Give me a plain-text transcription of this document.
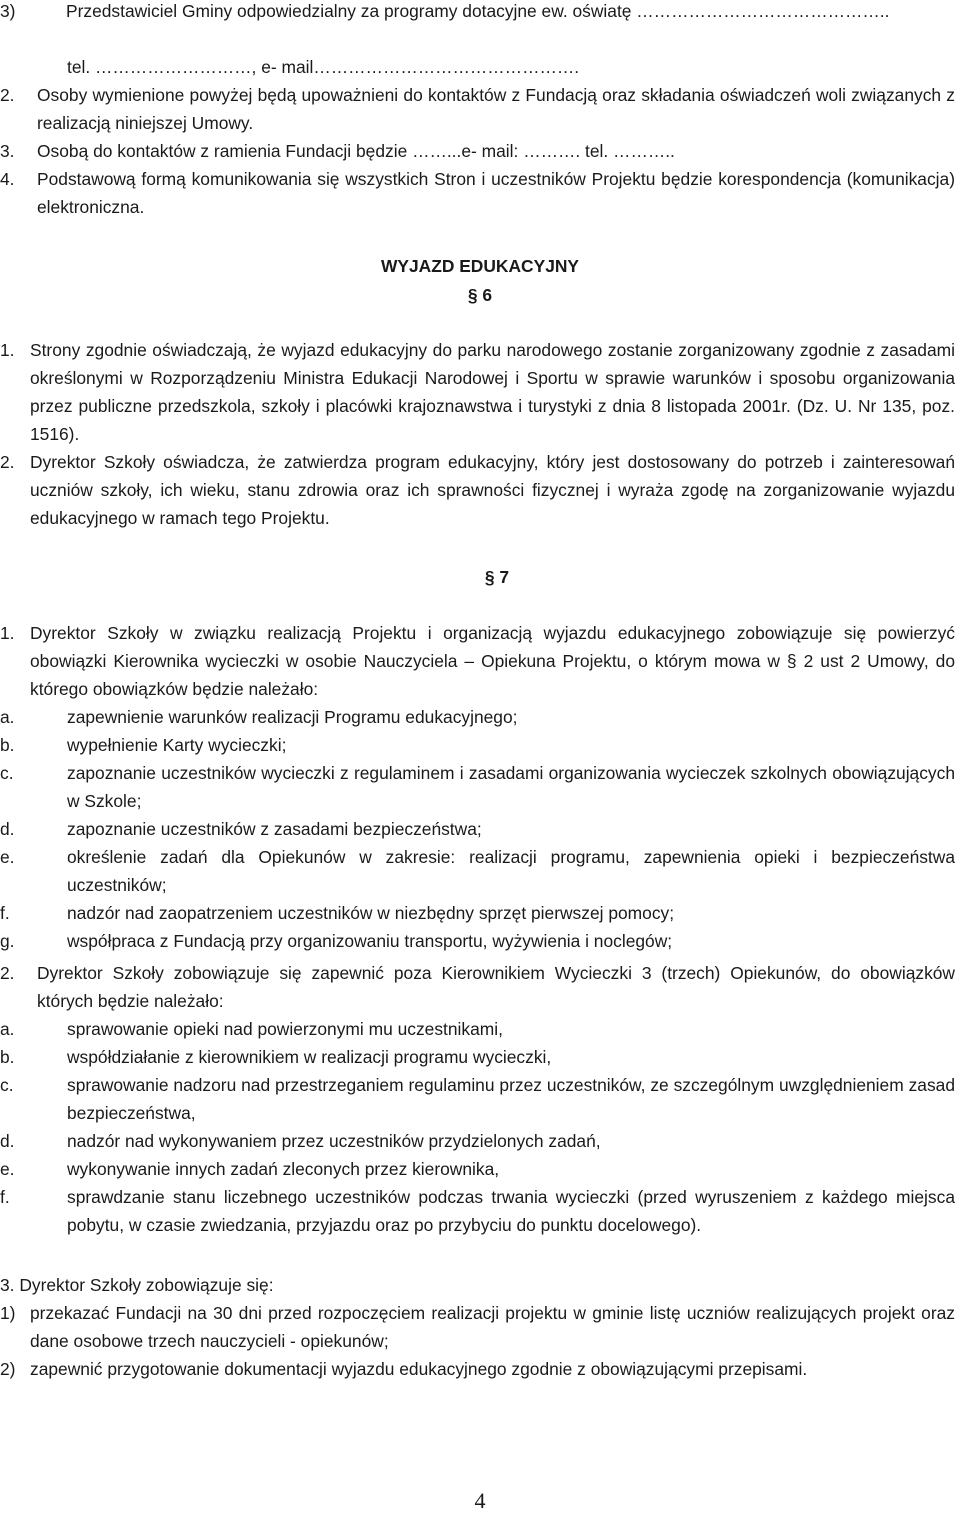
3)	Przedstawiciel Gminy odpowiedzialny za programy dotacyjne ew. oświatę ……………………………………..
tel. ………………………, e- mail……………………………………….
2.	Osoby wymienione powyżej będą upoważnieni do kontaktów z Fundacją oraz składania oświadczeń woli związanych z realizacją niniejszej Umowy.
3.	Osobą do kontaktów z ramienia Fundacji będzie ……...e- mail: ………. tel. ………..
4.	Podstawową formą komunikowania się wszystkich Stron i uczestników Projektu będzie korespondencja (komunikacja) elektroniczna.
WYJAZD EDUKACYJNY
§ 6
1. Strony zgodnie oświadczają, że wyjazd edukacyjny do parku narodowego zostanie zorganizowany zgodnie z zasadami określonymi w Rozporządzeniu Ministra Edukacji Narodowej i Sportu w sprawie warunków i sposobu organizowania przez publiczne przedszkola, szkoły i placówki krajoznawstwa i turystyki z dnia 8 listopada 2001r. (Dz. U. Nr 135, poz. 1516).
2. Dyrektor Szkoły oświadcza, że zatwierdza program edukacyjny, który jest dostosowany do potrzeb i zainteresowań uczniów szkoły, ich wieku, stanu zdrowia oraz ich sprawności fizycznej i wyraża zgodę na zorganizowanie wyjazdu edukacyjnego w ramach tego Projektu.
§ 7
1. Dyrektor Szkoły w związku realizacją Projektu i organizacją wyjazdu edukacyjnego zobowiązuje się powierzyć obowiązki Kierownika wycieczki w osobie Nauczyciela – Opiekuna Projektu, o którym mowa w § 2 ust 2 Umowy, do którego obowiązków będzie należało:
a.	zapewnienie warunków realizacji Programu edukacyjnego;
b.	wypełnienie Karty wycieczki;
c.	zapoznanie uczestników wycieczki z regulaminem i zasadami organizowania wycieczek szkolnych obowiązujących w Szkole;
d.	zapoznanie uczestników z zasadami bezpieczeństwa;
e.	określenie zadań dla Opiekunów w zakresie: realizacji programu, zapewnienia opieki i bezpieczeństwa uczestników;
f.	nadzór nad zaopatrzeniem uczestników w niezbędny sprzęt pierwszej pomocy;
g.	współpraca z Fundacją przy organizowaniu transportu, wyżywienia i noclegów;
2.	Dyrektor Szkoły zobowiązuje się zapewnić poza Kierownikiem Wycieczki 3 (trzech) Opiekunów, do obowiązków których będzie należało:
a.	sprawowanie opieki nad powierzonymi mu uczestnikami,
b.	współdziałanie z kierownikiem w realizacji programu wycieczki,
c.	sprawowanie nadzoru nad przestrzeganiem regulaminu przez uczestników, ze szczególnym uwzględnieniem zasad bezpieczeństwa,
d.	nadzór nad wykonywaniem przez uczestników przydzielonych zadań,
e.	wykonywanie innych zadań zleconych przez kierownika,
f.	sprawdzanie stanu liczebnego uczestników podczas trwania wycieczki (przed wyruszeniem z każdego miejsca pobytu, w czasie zwiedzania, przyjazdu oraz po przybyciu do punktu docelowego).
3. Dyrektor Szkoły zobowiązuje się:
1) przekazać Fundacji na 30 dni przed rozpoczęciem realizacji projektu w gminie listę uczniów realizujących projekt oraz dane osobowe trzech nauczycieli - opiekunów;
2) zapewnić przygotowanie dokumentacji wyjazdu edukacyjnego zgodnie z obowiązującymi przepisami.
4
